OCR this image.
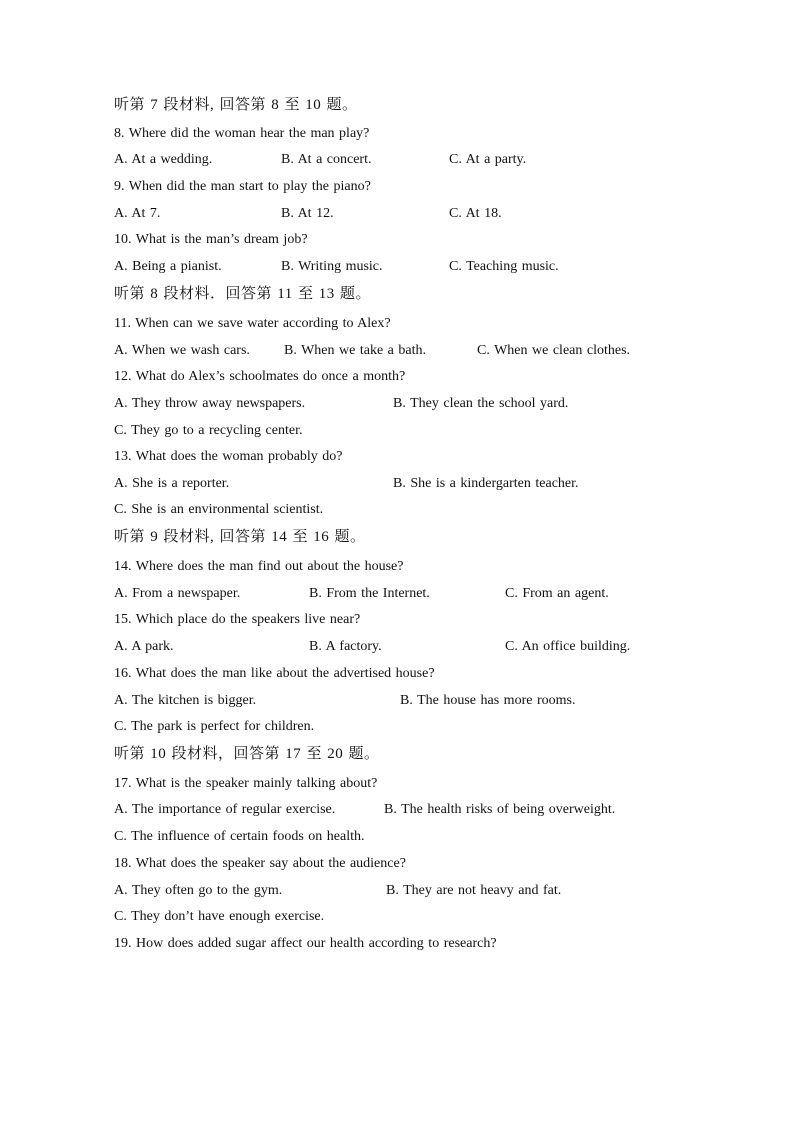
听第 7 段材料, 回答第 8 至 10 题。
8. Where did the woman hear the man play?
A. At a wedding.	B. At a concert.	C. At a party.
9. When did the man start to play the piano?
A. At 7.	B. At 12.	C. At 18.
10. What is the man’s dream job?
A. Being a pianist.	B. Writing music.	C. Teaching music.
听第 8 段材料．回答第 11 至 13 题。
11. When can we save water according to Alex?
A. When we wash cars. B. When we take a bath.	C. When we clean clothes.
12. What do Alex’s schoolmates do once a month?
A. They throw away newspapers.	B. They clean the school yard.
C. They go to a recycling center.
13. What does the woman probably do?
A. She is a reporter.	B. She is a kindergarten teacher.
C. She is an environmental scientist.
听第 9 段材料, 回答第 14 至 16 题。
14. Where does the man find out about the house?
A. From a newspaper.	B. From the Internet.	C. From an agent.
15. Which place do the speakers live near?
A. A park.	B. A factory.	C. An office building.
16. What does the man like about the advertised house?
A. The kitchen is bigger.	B. The house has more rooms.
C. The park is perfect for children.
听第 10 段材料，回答第 17 至 20 题。
17. What is the speaker mainly talking about?
A. The importance of regular exercise.	B. The health risks of being overweight.
C. The influence of certain foods on health.
18. What does the speaker say about the audience?
A. They often go to the gym.	B. They are not heavy and fat.
C. They don’t have enough exercise.
19. How does added sugar affect our health according to research?
